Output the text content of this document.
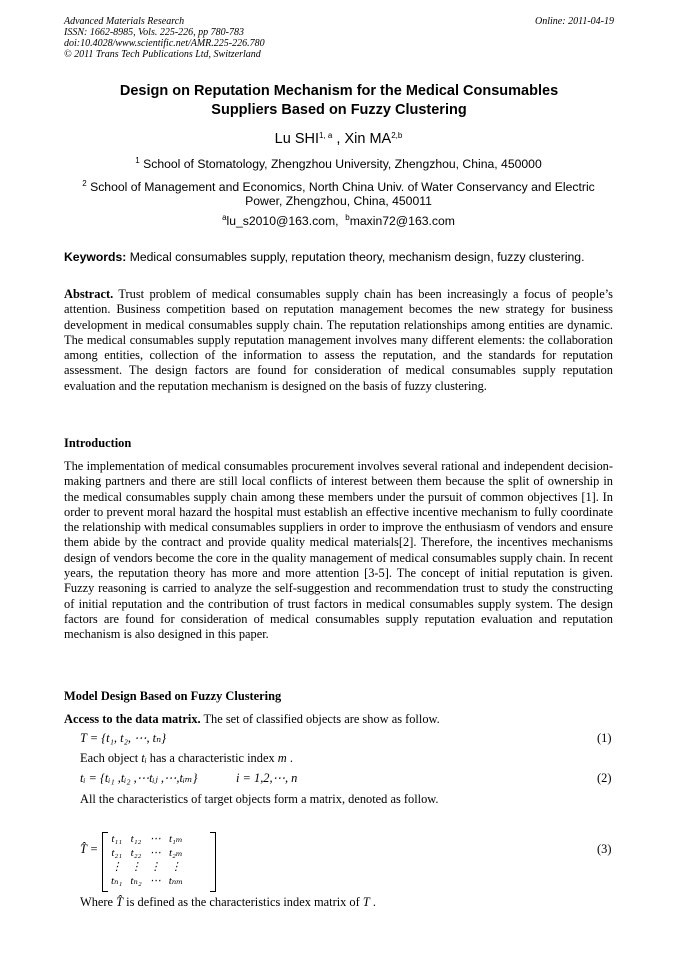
Advanced Materials Research
ISSN: 1662-8985, Vols. 225-226, pp 780-783
doi:10.4028/www.scientific.net/AMR.225-226.780
© 2011 Trans Tech Publications Ltd, Switzerland
Online: 2011-04-19
Design on Reputation Mechanism for the Medical Consumables
Suppliers Based on Fuzzy Clustering
Lu SHI$^{1, a}$ , Xin MA$^{2,b}$
$^1$ School of Stomatology, Zhengzhou University, Zhengzhou, China, 450000
$^2$ School of Management and Economics, North China Univ. of Water Conservancy and Electric
Power, Zhengzhou, China, 450011
$^a$lu_s2010@163.com, $^b$maxin72@163.com
Keywords: Medical consumables supply, reputation theory, mechanism design, fuzzy clustering.
Abstract. Trust problem of medical consumables supply chain has been increasingly a focus of people’s attention. Business competition based on reputation management becomes the new strategy for business development in medical consumables supply chain. The reputation relationships among entities are dynamic. The medical consumables supply reputation management involves many different elements: the collaboration among entities, collection of the information to assess the reputation, and the standards for reputation assessment. The design factors are found for consideration of medical consumables supply reputation evaluation and the reputation mechanism is designed on the basis of fuzzy clustering.
Introduction
The implementation of medical consumables procurement involves several rational and independent decision-making partners and there are still local conflicts of interest between them because the split of ownership in the medical consumables supply chain among these members under the pursuit of common objectives [1]. In order to prevent moral hazard the hospital must establish an effective incentive mechanism to fully coordinate the relationship with medical consumables suppliers in order to improve the enthusiasm of vendors and ensure them abide by the contract and provide quality medical materials[2]. Therefore, the incentives mechanisms design of vendors become the core in the quality management of medical consumables supply chain. In recent years, the reputation theory has more and more attention [3-5]. The concept of initial reputation is given. Fuzzy reasoning is carried to analyze the self-suggestion and recommendation trust to study the constructing of initial reputation and the contribution of trust factors in medical consumables supply system. The design factors are found for consideration of medical consumables supply reputation evaluation and reputation mechanism is also designed in this paper.
Model Design Based on Fuzzy Clustering
Access to the data matrix. The set of classified objects are show as follow.
T = {t₁, t₂, ⋯, tₙ}	(1)
Each object tᵢ has a characteristic index m .
tᵢ = {tᵢ₁ ,tᵢ₂ ,⋯tᵢⱼ ,⋯,tᵢₘ}	i = 1,2,⋯, n	(2)
All the characteristics of target objects form a matrix, denoted as follow.
T̂ =
t₁₁	t₁₂	⋯	t₁ₘ
t₂₁	t₂₂	⋯	t₂ₘ
⋮	⋮	⋮	⋮
tₙ₁	tₙ₂	⋯	tₙₘ
(3)
Where T̂ is defined as the characteristics index matrix of T .
